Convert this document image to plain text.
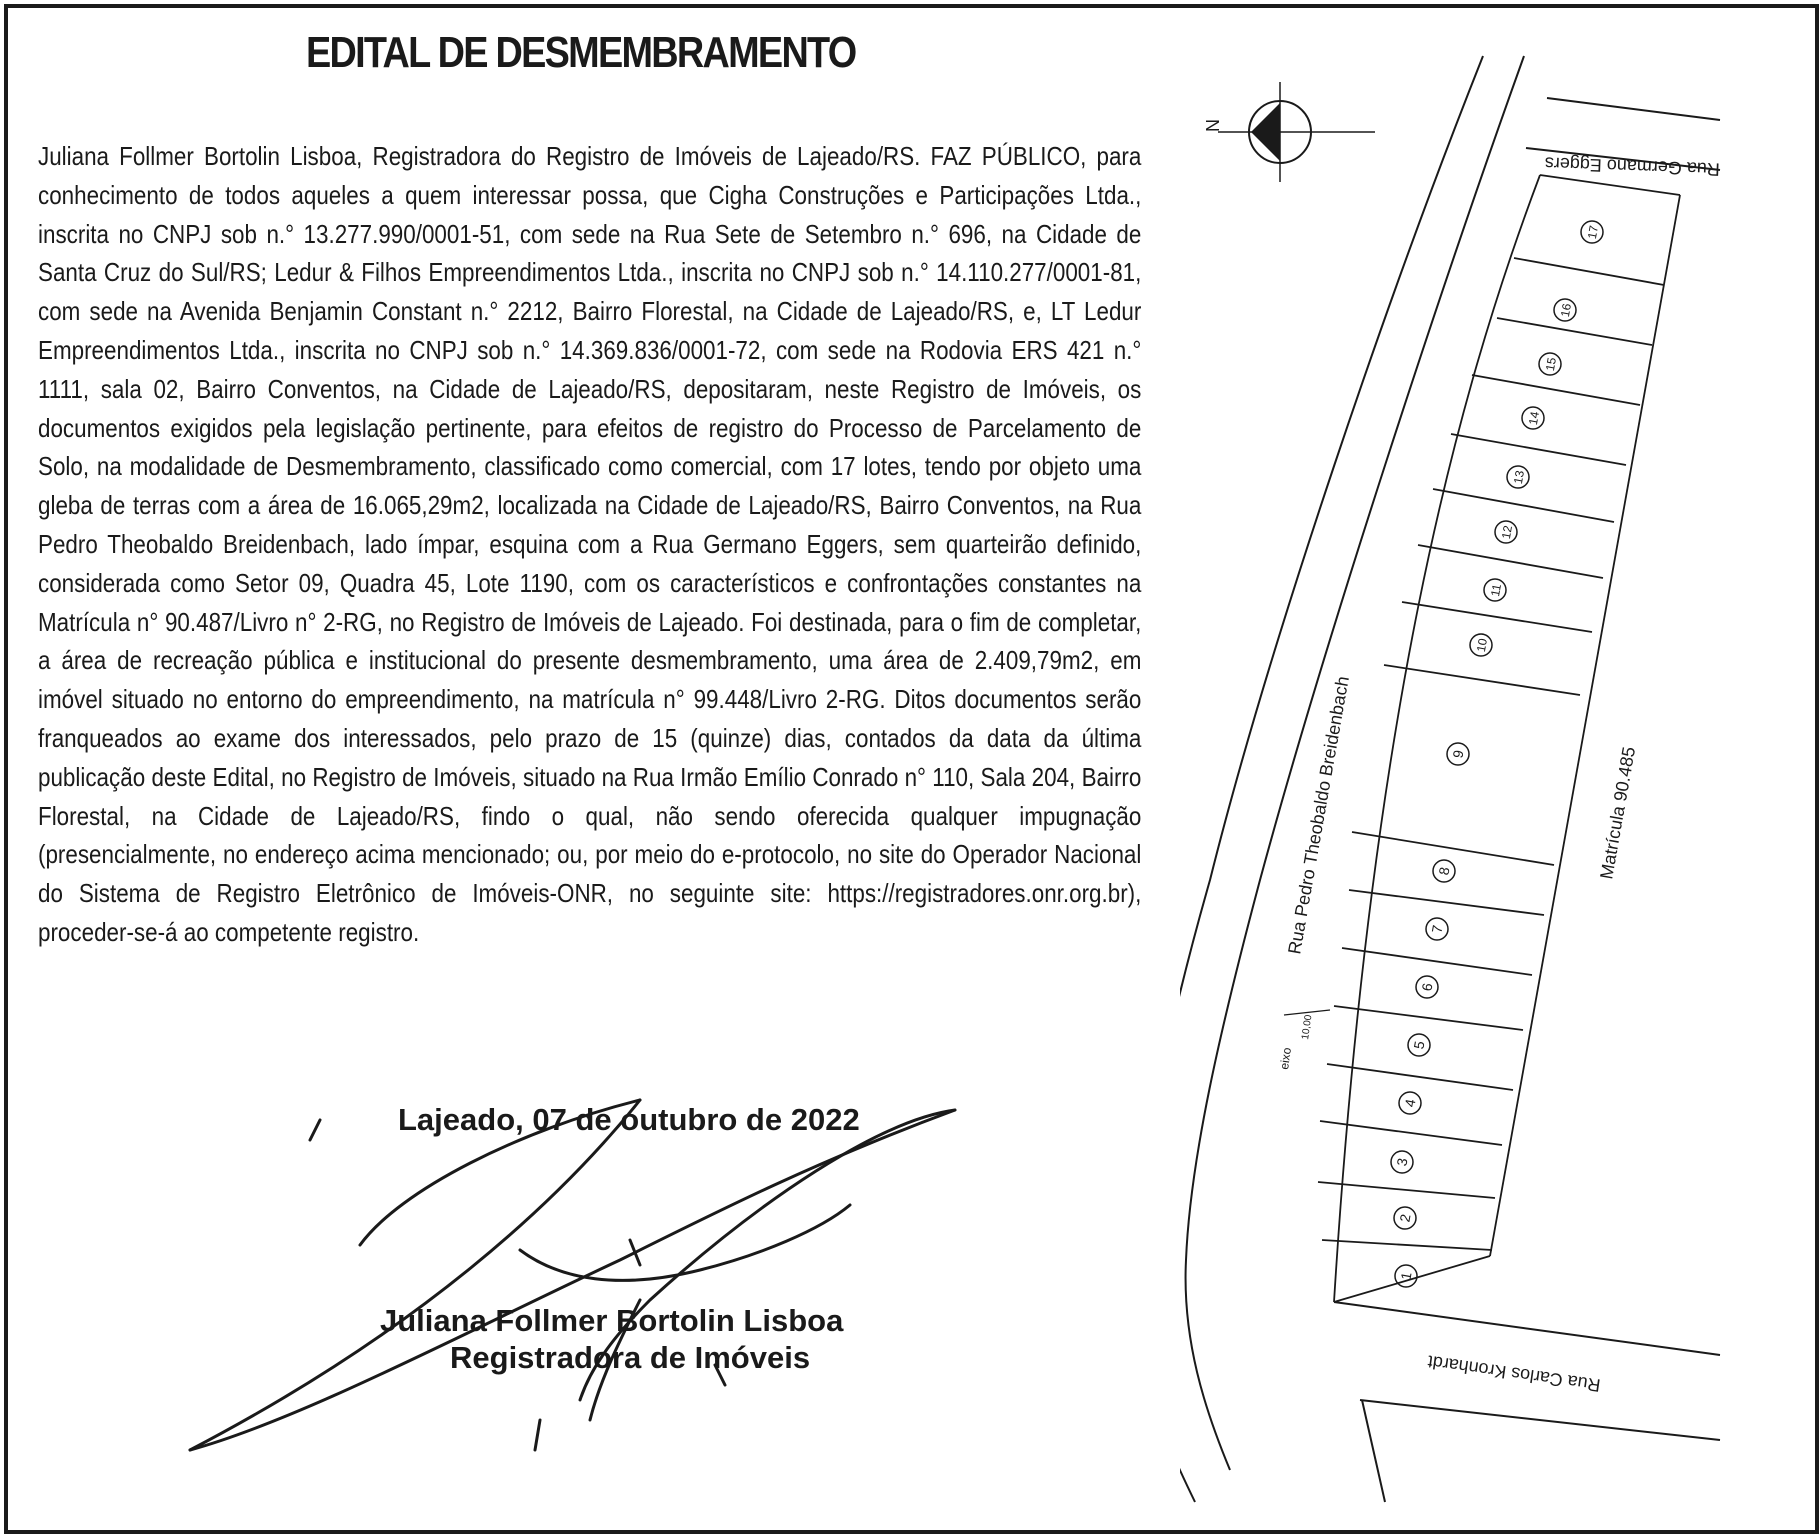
EDITAL DE DESMEMBRAMENTO

Juliana Follmer Bortolin Lisboa, Registradora do Registro de Imóveis de Lajeado/RS. FAZ PÚBLICO, para conhecimento de todos aqueles a quem interessar possa, que Cigha Construções e Participações Ltda., inscrita no CNPJ sob n.° 13.277.990/0001-51, com sede na Rua Sete de Setembro n.° 696, na Cidade de Santa Cruz do Sul/RS; Ledur & Filhos Empreendimentos Ltda., inscrita no CNPJ sob n.° 14.110.277/0001-81, com sede na Avenida Benjamin Constant n.° 2212, Bairro Florestal, na Cidade de Lajeado/RS, e, LT Ledur Empreendimentos Ltda., inscrita no CNPJ sob n.° 14.369.836/0001-72, com sede na Rodovia ERS 421 n.° 1111, sala 02, Bairro Conventos, na Cidade de Lajeado/RS, depositaram, neste Registro de Imóveis, os documentos exigidos pela legislação pertinente, para efeitos de registro do Processo de Parcelamento de Solo, na modalidade de Desmembramento, classificado como comercial, com 17 lotes, tendo por objeto uma gleba de terras com a área de 16.065,29m2, localizada na Cidade de Lajeado/RS, Bairro Conventos, na Rua Pedro Theobaldo Breidenbach, lado ímpar, esquina com a Rua Germano Eggers, sem quarteirão definido, considerada como Setor 09, Quadra 45, Lote 1190, com os característicos e confrontações constantes na Matrícula n° 90.487/Livro n° 2-RG, no Registro de Imóveis de Lajeado. Foi destinada, para o fim de completar, a área de recreação pública e institucional do presente desmembramento, uma área de 2.409,79m2, em imóvel situado no entorno do empreendimento, na matrícula n° 99.448/Livro 2-RG. Ditos documentos serão franqueados ao exame dos interessados, pelo prazo de 15 (quinze) dias, contados da data da última publicação deste Edital, no Registro de Imóveis, situado na Rua Irmão Emílio Conrado n° 110, Sala 204, Bairro Florestal, na Cidade de Lajeado/RS, findo o qual, não sendo oferecida qualquer impugnação (presencialmente, no endereço acima mencionado; ou, por meio do e-protocolo, no site do Operador Nacional do Sistema de Registro Eletrônico de Imóveis-ONR, no seguinte site: https://registradores.onr.org.br), proceder-se-á ao competente registro.

Lajeado, 07 de outubro de 2022
Juliana Follmer Bortolin Lisboa
Registradora de Imóveis
N
eixo
10,00
1
2
3
4
5
6
7
8
9
10
11
12
13
14
15
16
17
Rua Germano Eggers
Rua Pedro Theobaldo Breidenbach
Rua Carlos Kronhardt
Matrícula 90.485
